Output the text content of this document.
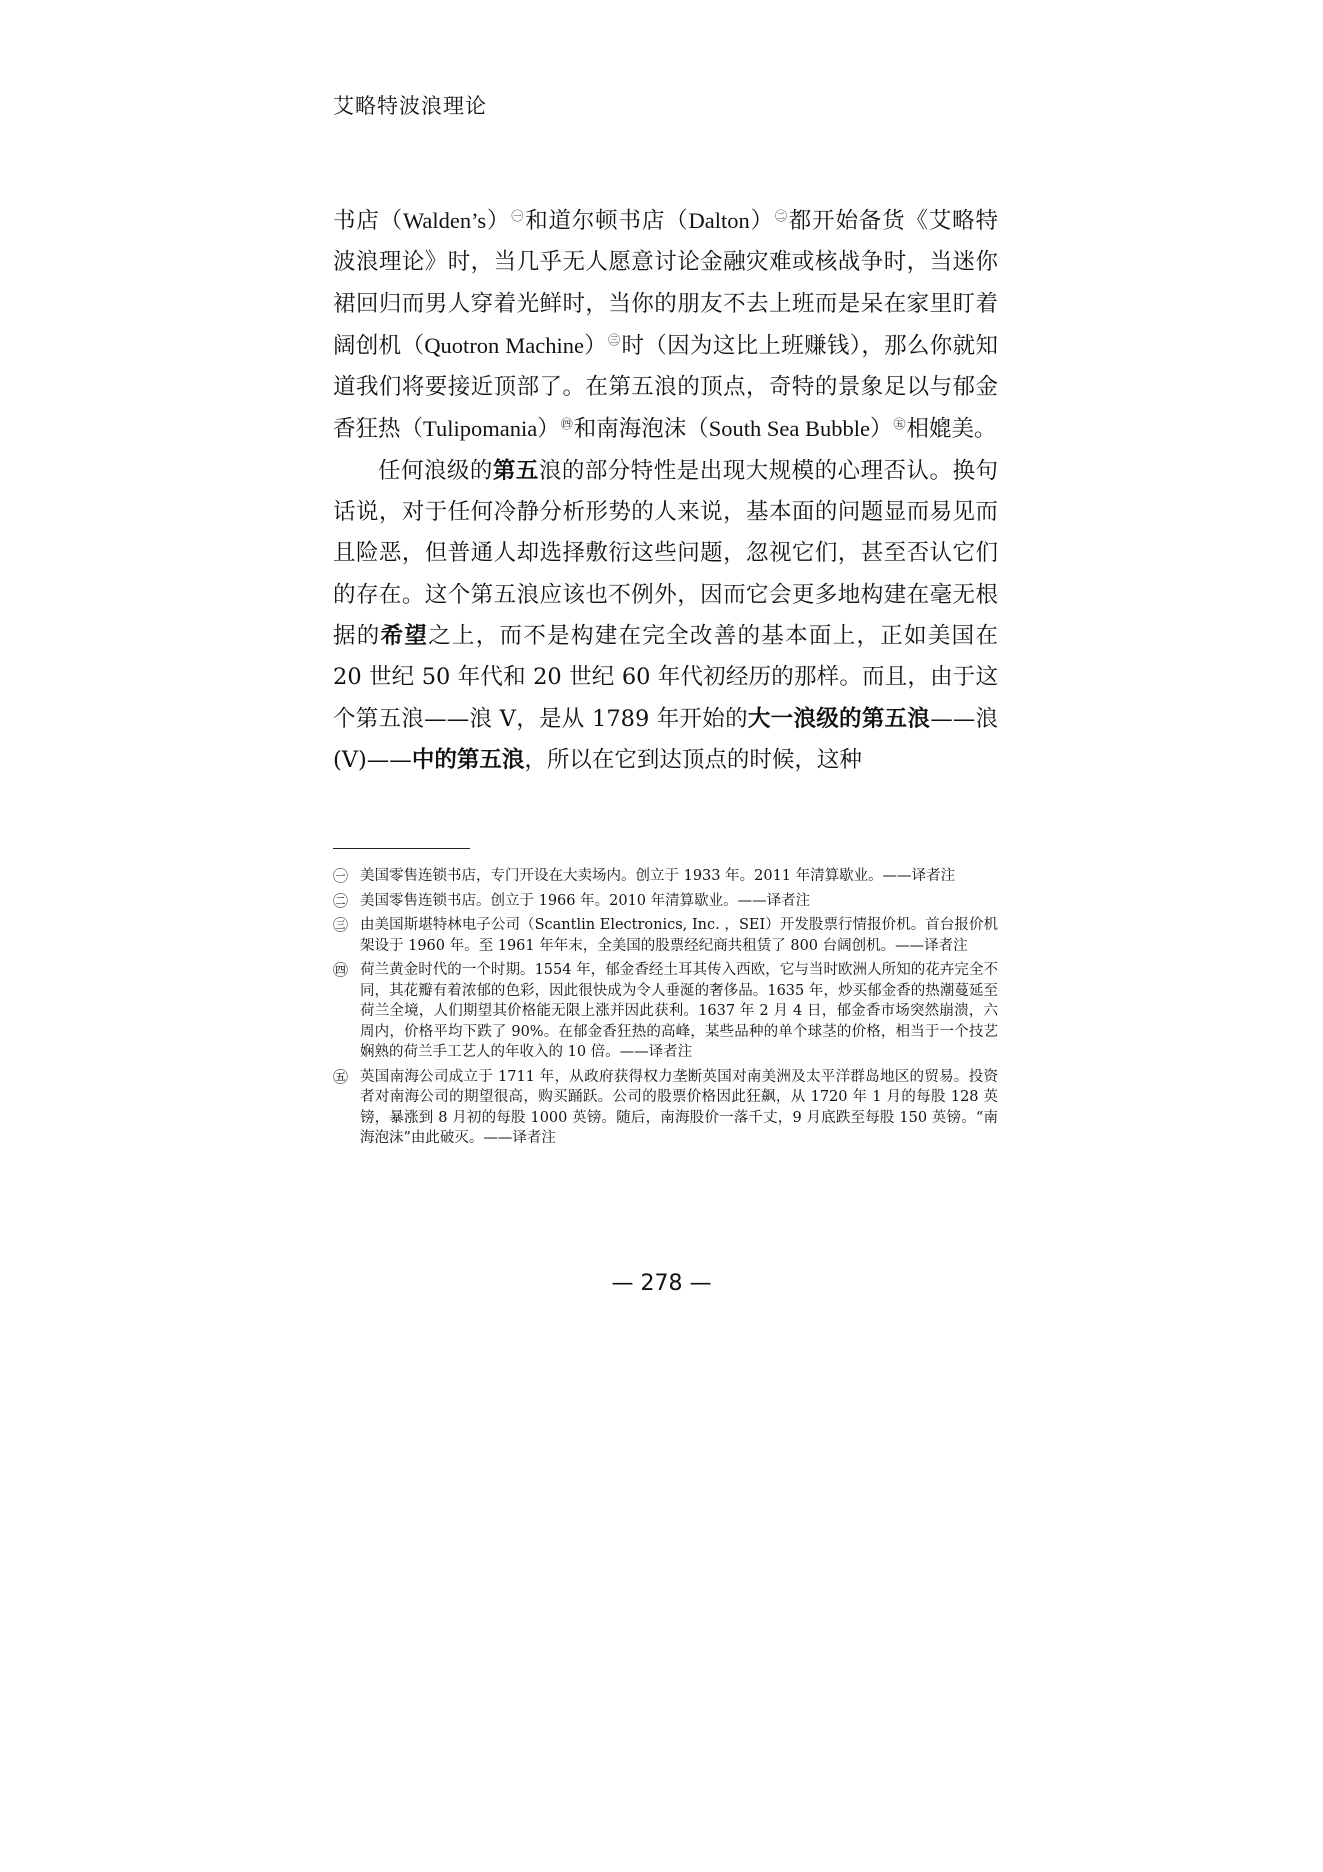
艾略特波浪理论

书店（Walden’s）$^㊀$和道尔顿书店（Dalton）$^㊁$都开始备货《艾略特波浪理论》时，当几乎无人愿意讨论金融灾难或核战争时，当迷你裙回归而男人穿着光鲜时，当你的朋友不去上班而是呆在家里盯着阔创机（Quotron Machine）$^㊂$时（因为这比上班赚钱），那么你就知道我们将要接近顶部了。在第五浪的顶点，奇特的景象足以与郁金香狂热（Tulipomania）$^㊃$和南海泡沫（South Sea Bubble）$^㊄$相媲美。

任何浪级的第五浪的部分特性是出现大规模的心理否认。换句话说，对于任何冷静分析形势的人来说，基本面的问题显而易见而且险恶，但普通人却选择敷衍这些问题，忽视它们，甚至否认它们的存在。这个第五浪应该也不例外，因而它会更多地构建在毫无根据的希望之上，而不是构建在完全改善的基本面上，正如美国在 20 世纪 50 年代和 20 世纪 60 年代初经历的那样。而且，由于这个第五浪——浪 V，是从 1789 年开始的大一浪级的第五浪——浪(V)——中的第五浪，所以在它到达顶点的时候，这种

㊀ 美国零售连锁书店，专门开设在大卖场内。创立于 1933 年。2011 年清算歇业。——译者注
㊁ 美国零售连锁书店。创立于 1966 年。2010 年清算歇业。——译者注
㊂ 由美国斯堪特林电子公司（Scantlin Electronics, Inc. ，SEI）开发股票行情报价机。首台报价机架设于 1960 年。至 1961 年年末，全美国的股票经纪商共租赁了 800 台阔创机。——译者注
㊃ 荷兰黄金时代的一个时期。1554 年，郁金香经土耳其传入西欧，它与当时欧洲人所知的花卉完全不同，其花瓣有着浓郁的色彩，因此很快成为令人垂涎的奢侈品。1635 年，炒买郁金香的热潮蔓延至荷兰全境，人们期望其价格能无限上涨并因此获利。1637 年 2 月 4 日，郁金香市场突然崩溃，六周内，价格平均下跌了 90%。在郁金香狂热的高峰，某些品种的单个球茎的价格，相当于一个技艺娴熟的荷兰手工艺人的年收入的 10 倍。——译者注
㊄ 英国南海公司成立于 1711 年，从政府获得权力垄断英国对南美洲及太平洋群岛地区的贸易。投资者对南海公司的期望很高，购买踊跃。公司的股票价格因此狂飙，从 1720 年 1 月的每股 128 英镑，暴涨到 8 月初的每股 1000 英镑。随后，南海股价一落千丈，9 月底跌至每股 150 英镑。“南海泡沫”由此破灭。——译者注
— 278 —
